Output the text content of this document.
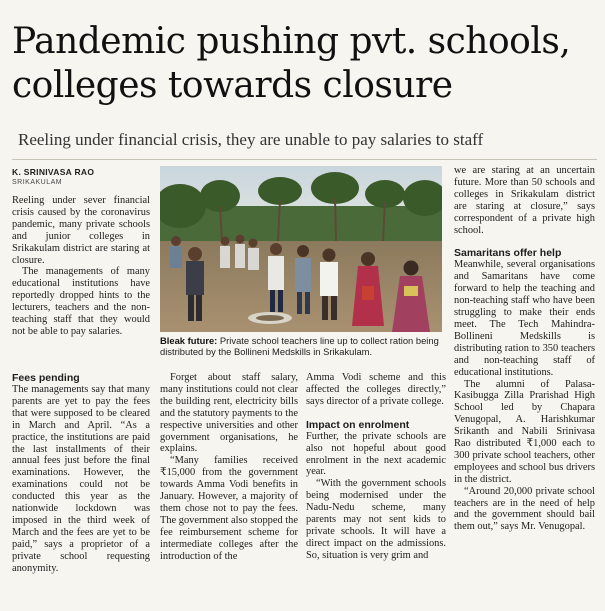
Pandemic pushing pvt. schools,
colleges towards closure
Reeling under financial crisis, they are unable to pay salaries to staff
K. SRINIVASA RAO
SRIKAKULAM

Reeling under sever financial crisis caused by the coronavirus pandemic, many private schools and junior colleges in Srikakulam district are staring at closure.

The managements of many educational institutions have reportedly dropped hints to the lecturers, teachers and the non-teaching staff that they would not be able to pay salaries.

Fees pending

The managements say that many parents are yet to pay the fees that were supposed to be cleared in March and April. “As a practice, the institutions are paid the last installments of their annual fees just before the final examinations. However, the examinations could not be conducted this year as the nationwide lockdown was imposed in the third week of March and the fees are yet to be paid,” says a proprietor of a private school requesting anonymity.

Bleak future: Private school teachers line up to collect ration being distributed by the Bollineni Medskills in Srikakulam.

Forget about staff salary, many institutions could not clear the building rent, electricity bills and the statutory payments to the respective universities and other government organisations, he explains.

“Many families received ₹15,000 from the government towards Amma Vodi benefits in January. However, a majority of them chose not to pay the fees. The government also stopped the fee reimbursement scheme for intermediate colleges after the introduction of the

Amma Vodi scheme and this affected the colleges directly,” says director of a private college.

Impact on enrolment

Further, the private schools are also not hopeful about good enrolment in the next academic year.

“With the government schools being modernised under the Nadu-Nedu scheme, many parents may not sent kids to private schools. It will have a direct impact on the admissions. So, situation is very grim and

we are staring at an uncertain future. More than 50 schools and colleges in Srikakulam district are staring at closure,” says correspondent of a private high school.

Samaritans offer help

Meanwhile, several organisations and Samaritans have come forward to help the teaching and non-teaching staff who have been struggling to make their ends meet. The Tech Mahindra-Bollineni Medskills is distributing ration to 350 teachers and non-teaching staff of educational institutions.

The alumni of Palasa-Kasibugga Zilla Prarishad High School led by Chapara Venugopal, A. Harishkumar Srikanth and Nabili Srinivasa Rao distributed ₹1,000 each to 300 private school teachers, other employees and school bus drivers in the district.

“Around 20,000 private school teachers are in the need of help and the government should bail them out,” says Mr. Venugopal.
